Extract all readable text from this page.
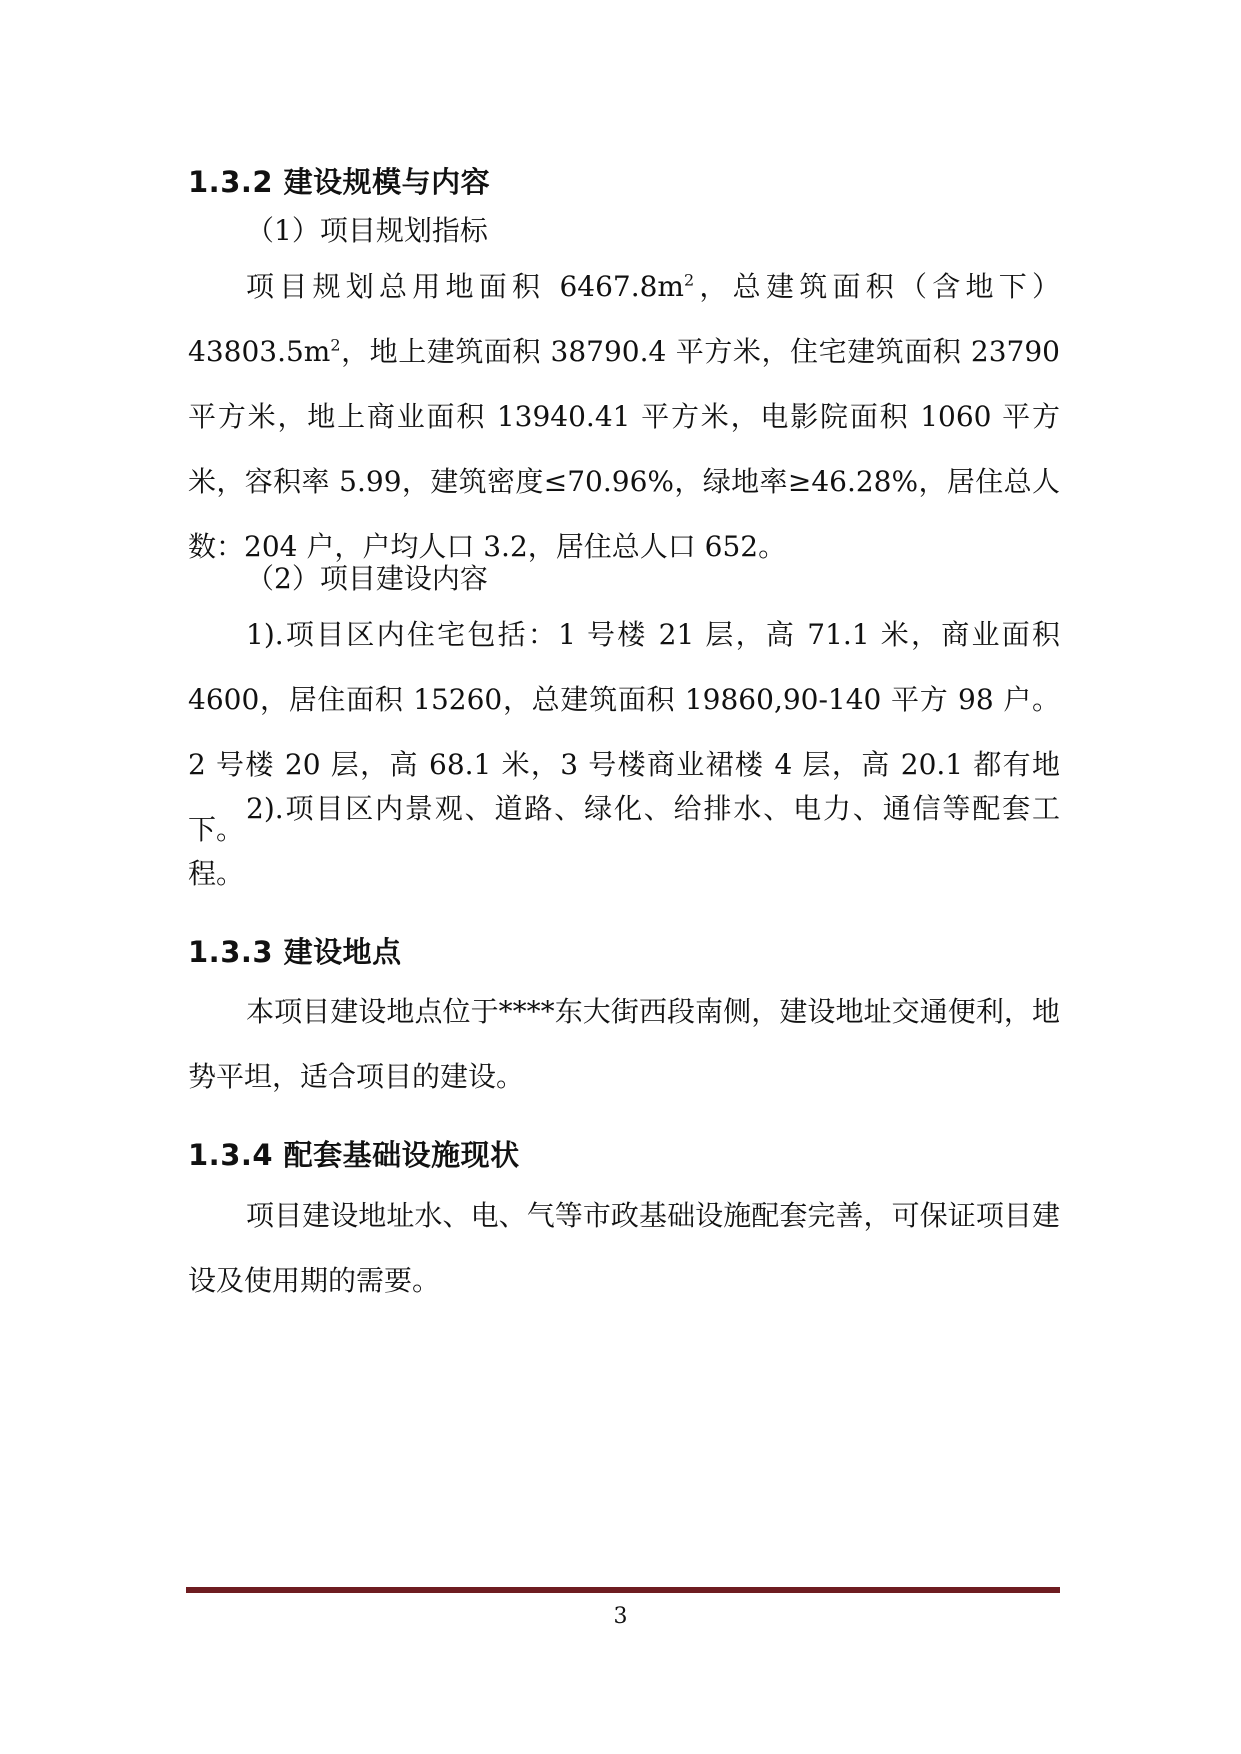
1.3.2 建设规模与内容
（1）项目规划指标
项目规划总用地面积 $6467.8m^2$，总建筑面积（含地下）$43803.5m^2$，地上建筑面积 38790.4 平方米，住宅建筑面积 23790 平方米，地上商业面积 13940.41 平方米，电影院面积 1060 平方米，容积率 5.99，建筑密度≤70.96%，绿地率≥46.28%，居住总人数：204 户，户均人口 3.2，居住总人口 652。
（2）项目建设内容
1).项目区内住宅包括：1 号楼 21 层，高 71.1 米，商业面积 4600，居住面积 15260，总建筑面积 19860,90-140 平方 98 户。2 号楼 20 层，高 68.1 米，3 号楼商业裙楼 4 层，高 20.1 都有地下。
2).项目区内景观、道路、绿化、给排水、电力、通信等配套工程。
1.3.3 建设地点
本项目建设地点位于****东大街西段南侧，建设地址交通便利，地势平坦，适合项目的建设。
1.3.4 配套基础设施现状
项目建设地址水、电、气等市政基础设施配套完善，可保证项目建设及使用期的需要。
3
